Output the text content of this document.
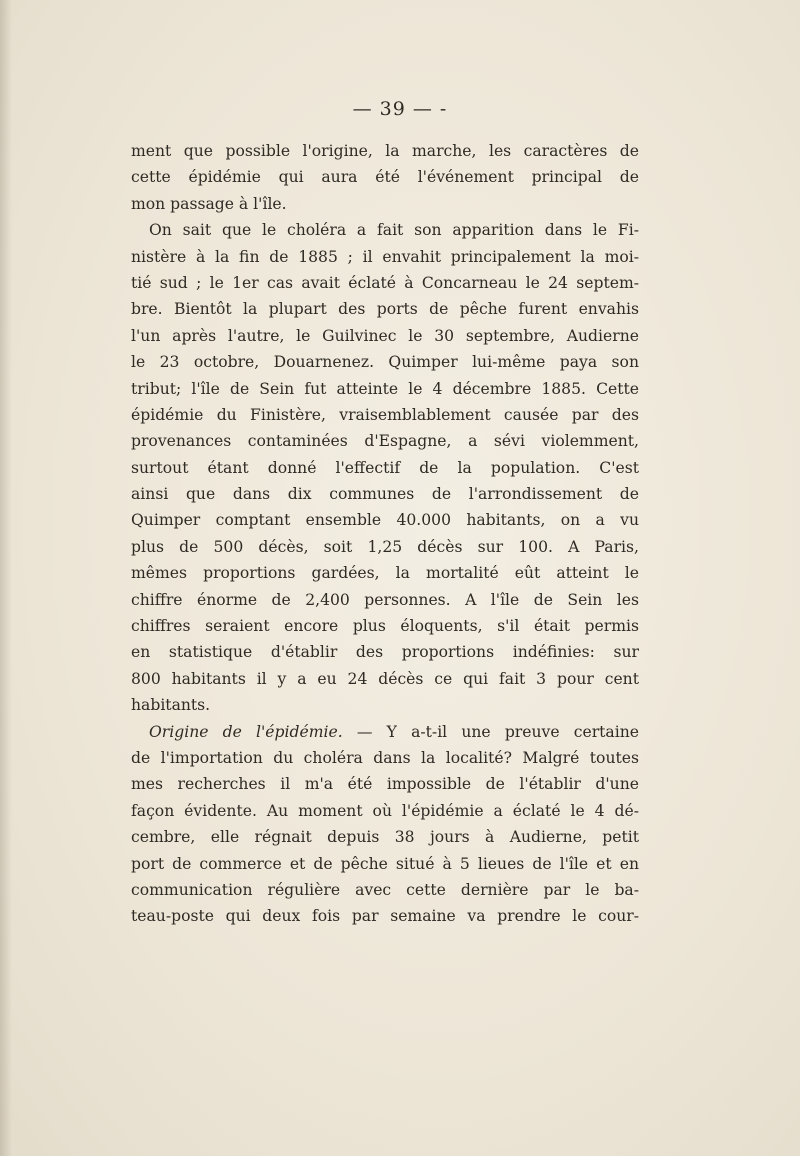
— 39 — -

ment que possible l'origine, la marche, les caractères de
cette épidémie qui aura été l'événement principal de
mon passage à l'île.
On sait que le choléra a fait son apparition dans le Fi-
nistère à la fin de 1885 ; il envahit principalement la moi-
tié sud ; le 1er cas avait éclaté à Concarneau le 24 septem-
bre. Bientôt la plupart des ports de pêche furent envahis
l'un après l'autre, le Guilvinec le 30 septembre, Audierne
le 23 octobre, Douarnenez. Quimper lui-même paya son
tribut; l'île de Sein fut atteinte le 4 décembre 1885. Cette
épidémie du Finistère, vraisemblablement causée par des
provenances contaminées d'Espagne, a sévi violemment,
surtout étant donné l'effectif de la population. C'est
ainsi que dans dix communes de l'arrondissement de
Quimper comptant ensemble 40.000 habitants, on a vu
plus de 500 décès, soit 1,25 décès sur 100. A Paris,
mêmes proportions gardées, la mortalité eût atteint le
chiffre énorme de 2,400 personnes. A l'île de Sein les
chiffres seraient encore plus éloquents, s'il était permis
en statistique d'établir des proportions indéfinies: sur
800 habitants il y a eu 24 décès ce qui fait 3 pour cent
habitants.
Origine de l'épidémie. — Y a-t-il une preuve certaine
de l'importation du choléra dans la localité? Malgré toutes
mes recherches il m'a été impossible de l'établir d'une
façon évidente. Au moment où l'épidémie a éclaté le 4 dé-
cembre, elle régnait depuis 38 jours à Audierne, petit
port de commerce et de pêche situé à 5 lieues de l'île et en
communication régulière avec cette dernière par le ba-
teau-poste qui deux fois par semaine va prendre le cour-
